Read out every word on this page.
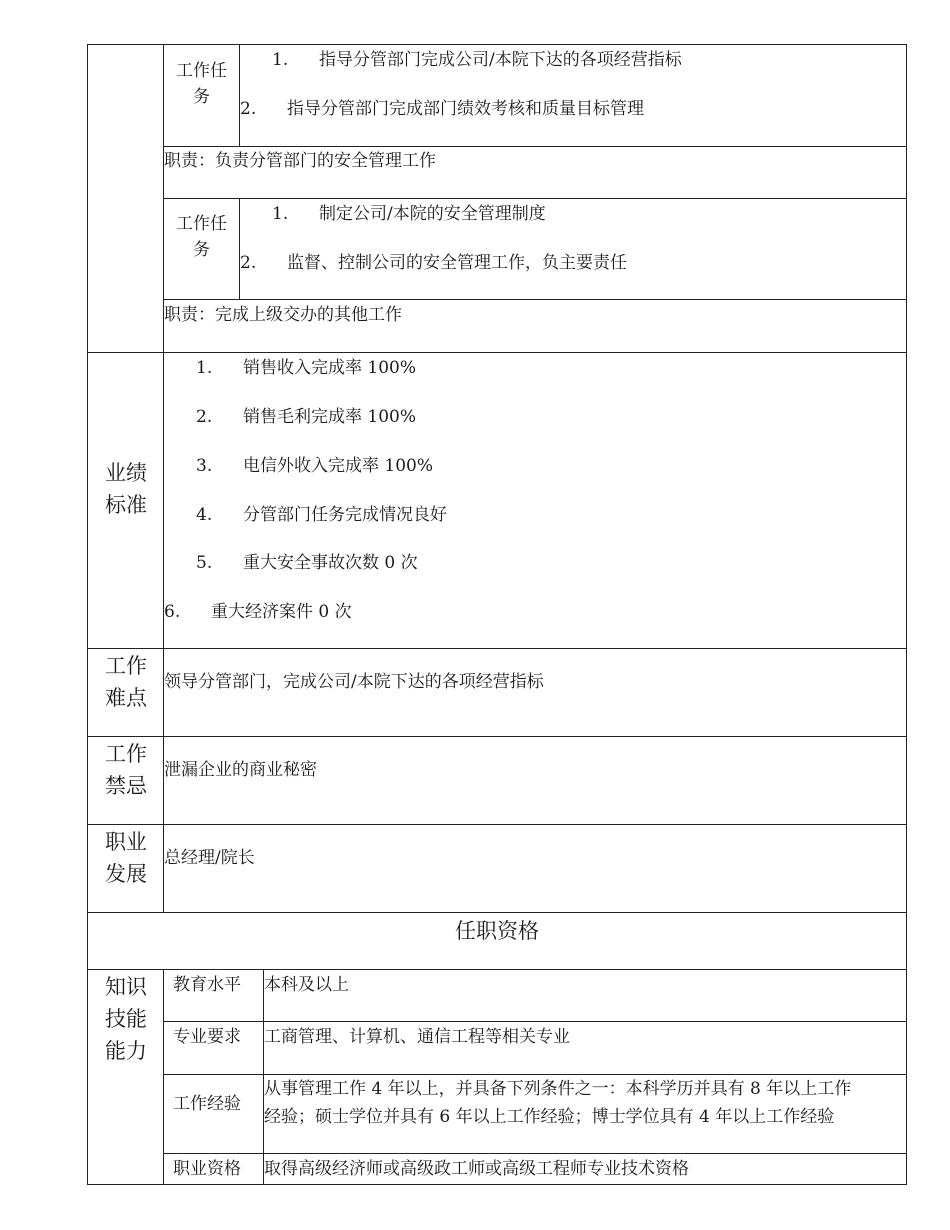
工作任务
1. 指导分管部门完成公司/本院下达的各项经营指标
2. 指导分管部门完成部门绩效考核和质量目标管理
职责：负责分管部门的安全管理工作
工作任务
1. 制定公司/本院的安全管理制度
2. 监督、控制公司的安全管理工作，负主要责任
职责：完成上级交办的其他工作
业绩标准
1. 销售收入完成率 100%
2. 销售毛利完成率 100%
3. 电信外收入完成率 100%
4. 分管部门任务完成情况良好
5. 重大安全事故次数 0 次
6. 重大经济案件 0 次
工作难点
领导分管部门，完成公司/本院下达的各项经营指标
工作禁忌
泄漏企业的商业秘密
职业发展
总经理/院长
任职资格
知识技能能力
教育水平 本科及以上
专业要求 工商管理、计算机、通信工程等相关专业
工作经验
从事管理工作 4 年以上，并具备下列条件之一：本科学历并具有 8 年以上工作
经验；硕士学位并具有 6 年以上工作经验；博士学位具有 4 年以上工作经验
职业资格 取得高级经济师或高级政工师或高级工程师专业技术资格
